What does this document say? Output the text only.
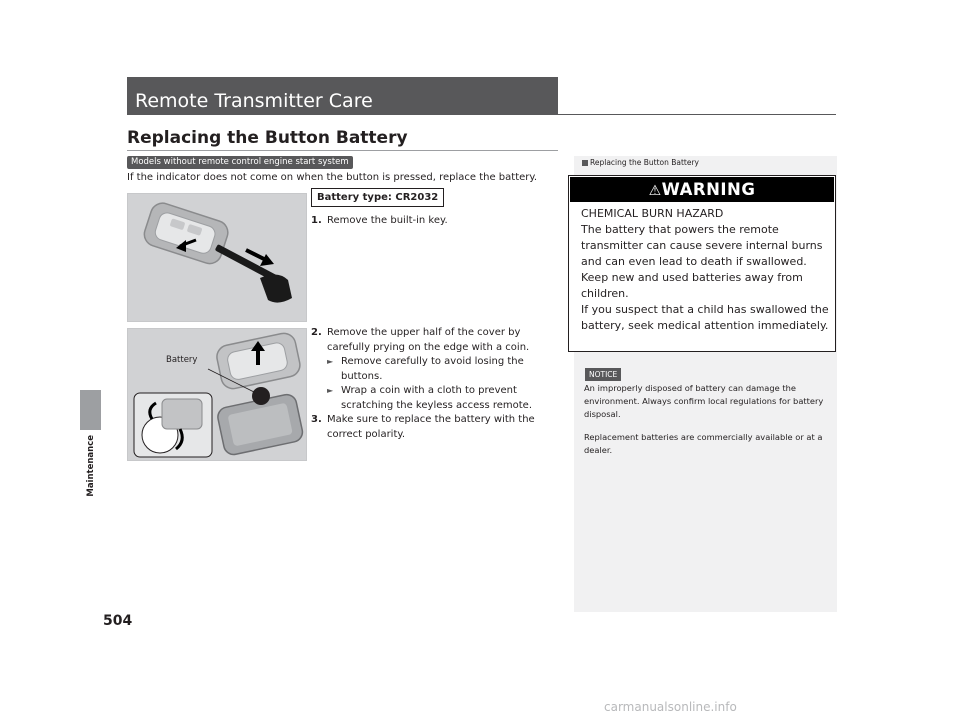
Remote Transmitter Care
Replacing the Button Battery
Models without remote control engine start system
If the indicator does not come on when the button is pressed, replace the battery.
Battery type: CR2032
Battery
1. Remove the built-in key.
2. Remove the upper half of the cover by carefully prying on the edge with a coin.
► Remove carefully to avoid losing the buttons.
► Wrap a coin with a cloth to prevent scratching the keyless access remote.
3. Make sure to replace the battery with the correct polarity.
Replacing the Button Battery
⚠WARNING
CHEMICAL BURN HAZARD
The battery that powers the remote transmitter can cause severe internal burns and can even lead to death if swallowed.
Keep new and used batteries away from children.
If you suspect that a child has swallowed the battery, seek medical attention immediately.
NOTICE
An improperly disposed of battery can damage the environment. Always confirm local regulations for battery disposal.
Replacement batteries are commercially available or at a dealer.
Maintenance
504
carmanualsonline.info
